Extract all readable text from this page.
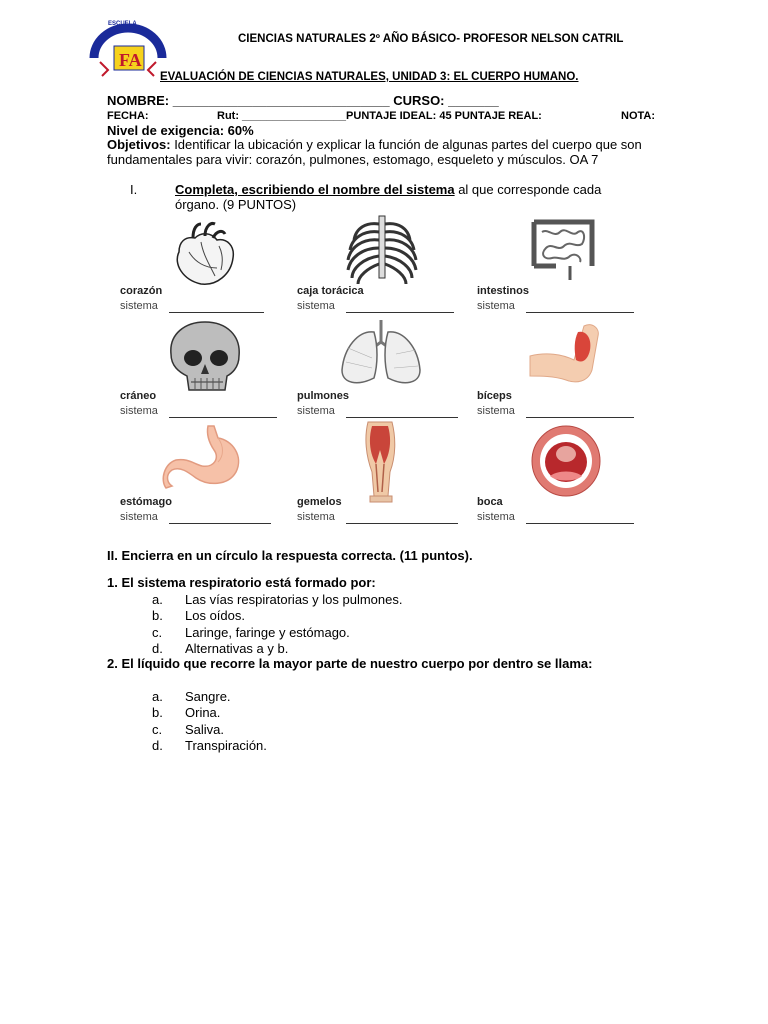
FA
ESCUELA
CIENCIAS NATURALES 2º AÑO BÁSICO- PROFESOR NELSON CATRIL
EVALUACIÓN DE CIENCIAS NATURALES, UNIDAD 3: EL CUERPO HUMANO.
NOMBRE: ______________________________ CURSO: _______
FECHA:	Rut: _________________PUNTAJE IDEAL: 45 PUNTAJE REAL:	NOTA:
Nivel de exigencia: 60%
Objetivos: Identificar la ubicación y explicar la función de algunas partes del cuerpo que son fundamentales para vivir: corazón, pulmones, estomago, esqueleto y músculos. OA 7
I.	Completa, escribiendo el nombre del sistema al que corresponde cada órgano. (9 PUNTOS)
corazón	caja torácica	intestinos
sistema	sistema	sistema
cráneo	pulmones	bíceps
sistema	sistema	sistema
estómago	gemelos	boca
sistema	sistema	sistema
II. Encierra en un círculo la respuesta correcta. (11 puntos).
1. El sistema respiratorio está formado por:
a. Las vías respiratorias y los pulmones.
b. Los oídos.
c. Laringe, faringe y estómago.
d. Alternativas a y b.
2. El líquido que recorre la mayor parte de nuestro cuerpo por dentro se llama:
a. Sangre.
b. Orina.
c. Saliva.
d. Transpiración.
